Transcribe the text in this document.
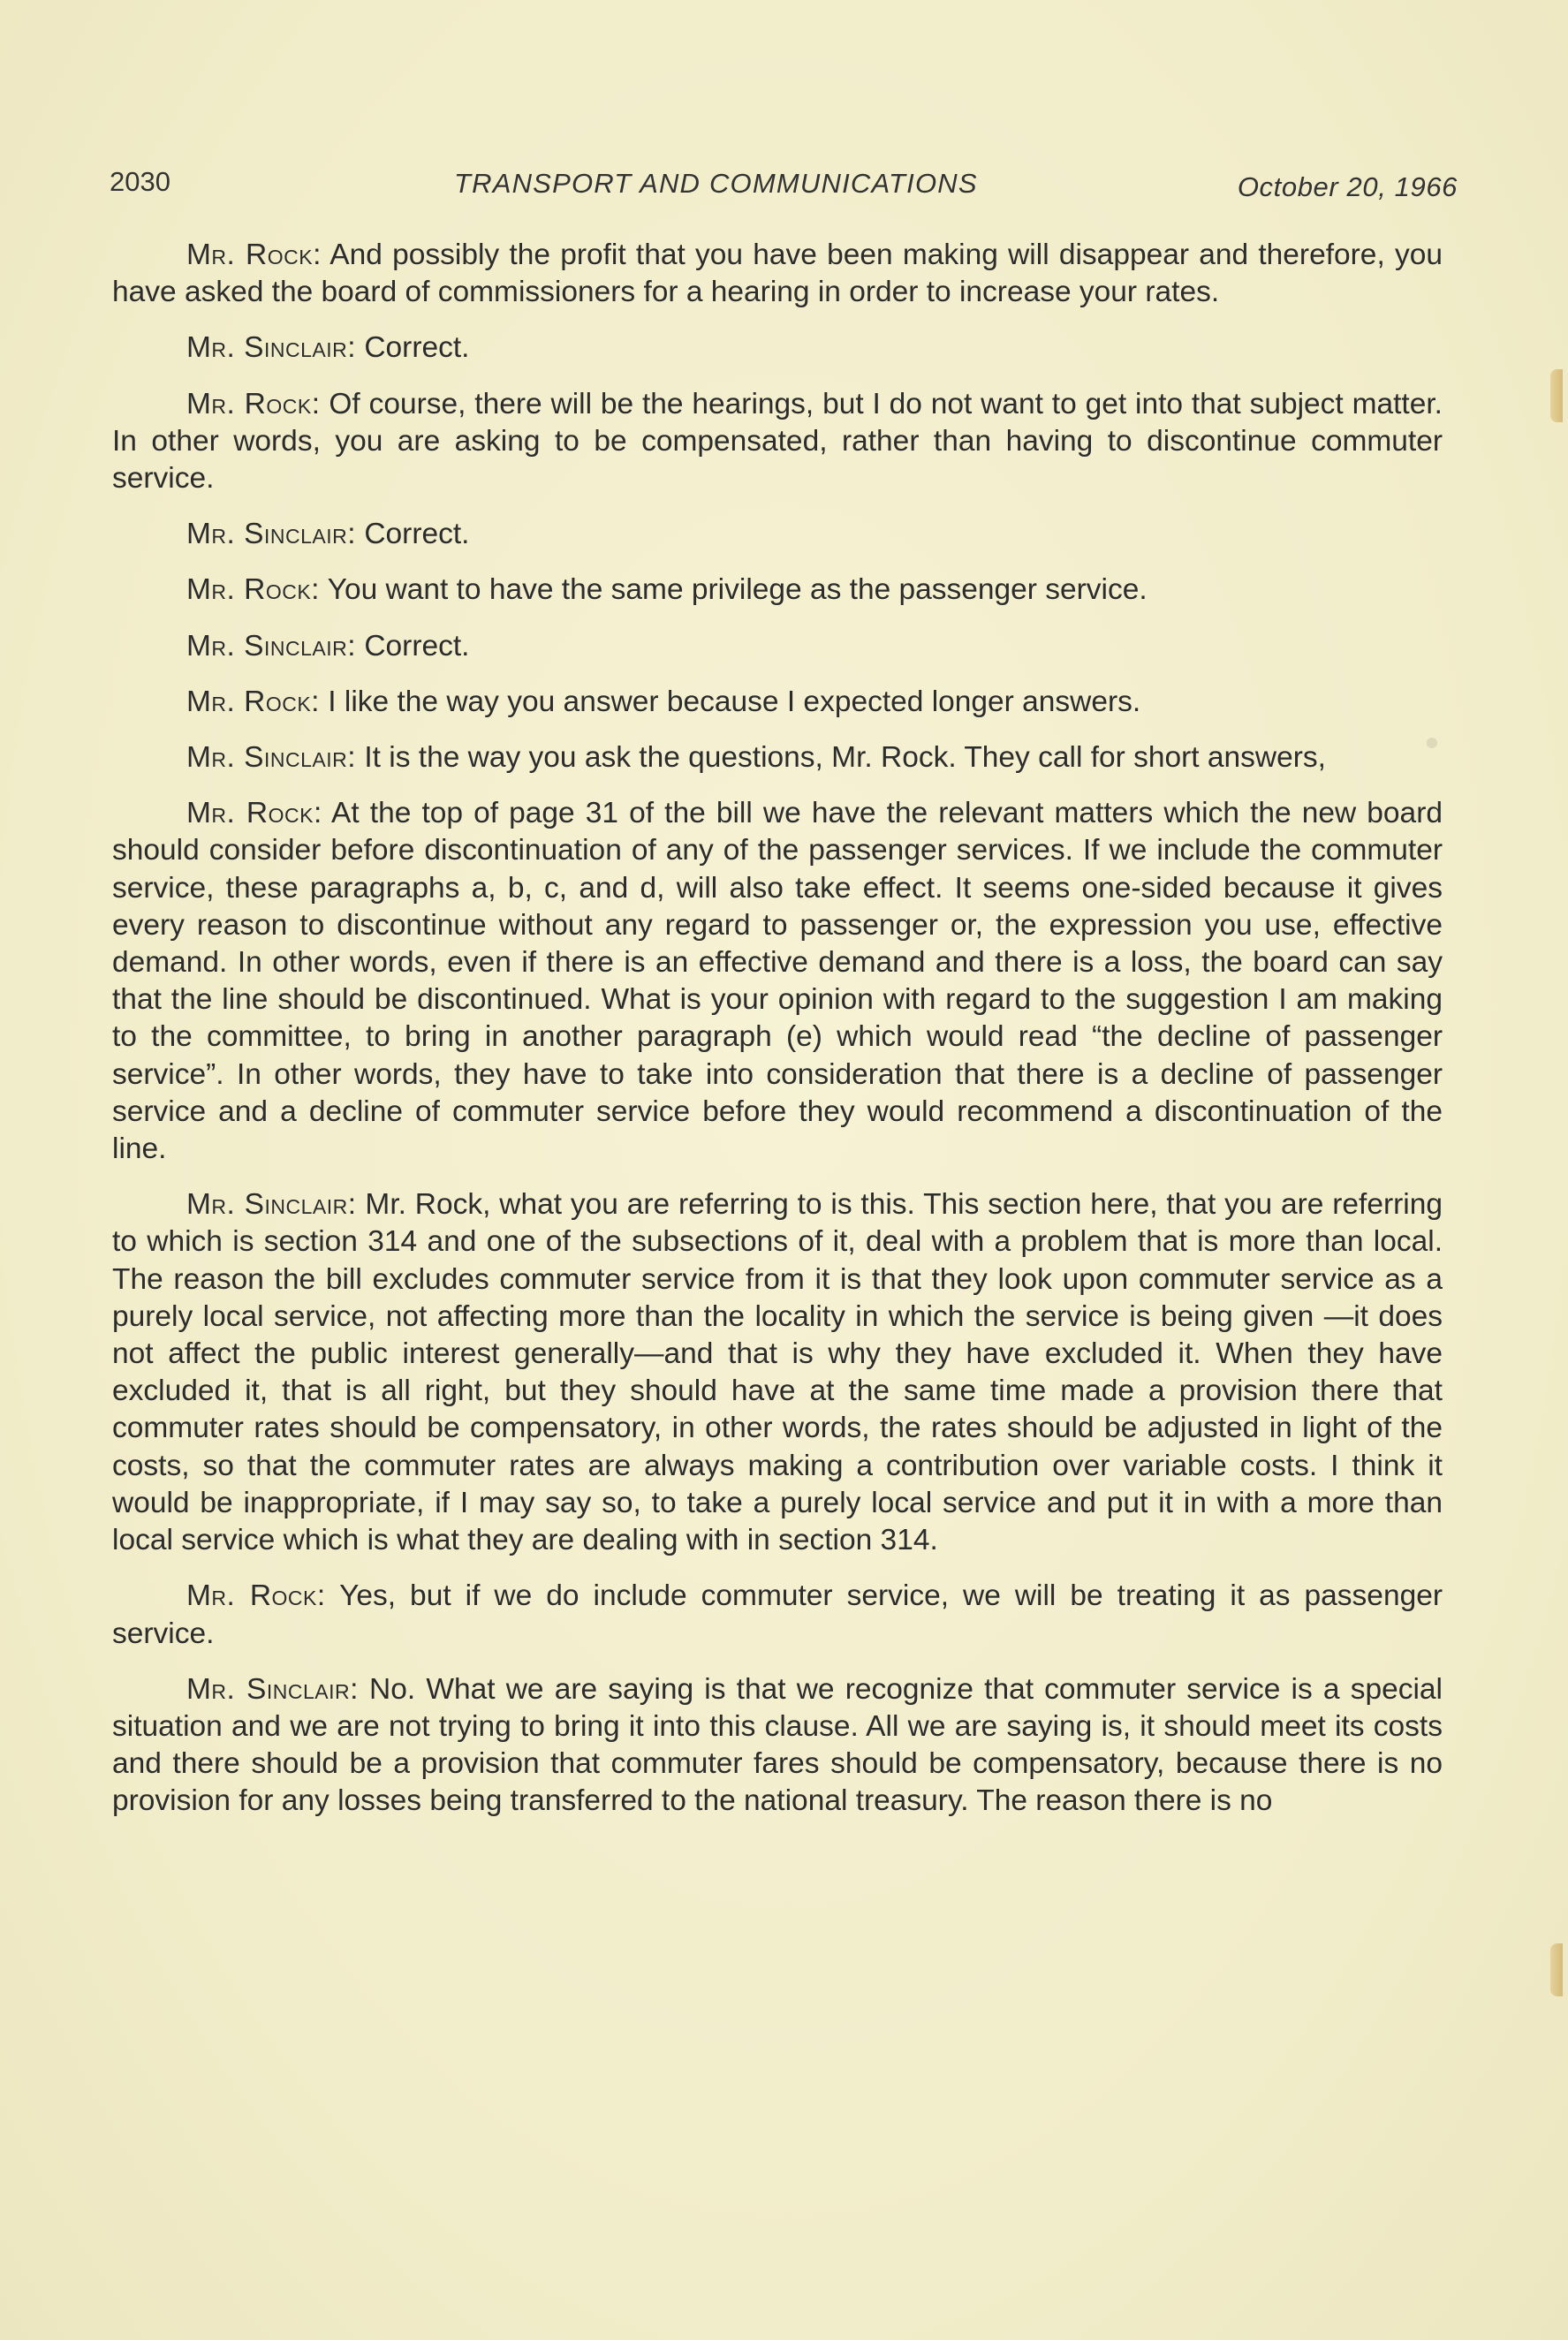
2030	TRANSPORT AND COMMUNICATIONS	October 20, 1966

Mr. Rock: And possibly the profit that you have been making will disappear and therefore, you have asked the board of commissioners for a hearing in order to increase your rates.

Mr. Sinclair: Correct.

Mr. Rock: Of course, there will be the hearings, but I do not want to get into that subject matter. In other words, you are asking to be compensated, rather than having to discontinue commuter service.

Mr. Sinclair: Correct.

Mr. Rock: You want to have the same privilege as the passenger service.

Mr. Sinclair: Correct.

Mr. Rock: I like the way you answer because I expected longer answers.

Mr. Sinclair: It is the way you ask the questions, Mr. Rock. They call for short answers,

Mr. Rock: At the top of page 31 of the bill we have the relevant matters which the new board should consider before discontinuation of any of the passenger services. If we include the commuter service, these paragraphs a, b, c, and d, will also take effect. It seems one-sided because it gives every reason to discontinue without any regard to passenger or, the expression you use, effective demand. In other words, even if there is an effective demand and there is a loss, the board can say that the line should be discontinued. What is your opinion with regard to the suggestion I am making to the committee, to bring in another paragraph (e) which would read “the decline of passenger service”. In other words, they have to take into consideration that there is a decline of passenger service and a decline of commuter service before they would recommend a discontinuation of the line.

Mr. Sinclair: Mr. Rock, what you are referring to is this. This section here, that you are referring to which is section 314 and one of the subsections of it, deal with a problem that is more than local. The reason the bill excludes commuter service from it is that they look upon commuter service as a purely local service, not affecting more than the locality in which the service is being given —it does not affect the public interest generally—and that is why they have excluded it. When they have excluded it, that is all right, but they should have at the same time made a provision there that commuter rates should be compensatory, in other words, the rates should be adjusted in light of the costs, so that the commuter rates are always making a contribution over variable costs. I think it would be inappropriate, if I may say so, to take a purely local service and put it in with a more than local service which is what they are dealing with in section 314.

Mr. Rock: Yes, but if we do include commuter service, we will be treating it as passenger service.

Mr. Sinclair: No. What we are saying is that we recognize that commuter service is a special situation and we are not trying to bring it into this clause. All we are saying is, it should meet its costs and there should be a provision that commuter fares should be compensatory, because there is no provision for any losses being transferred to the national treasury. The reason there is no
